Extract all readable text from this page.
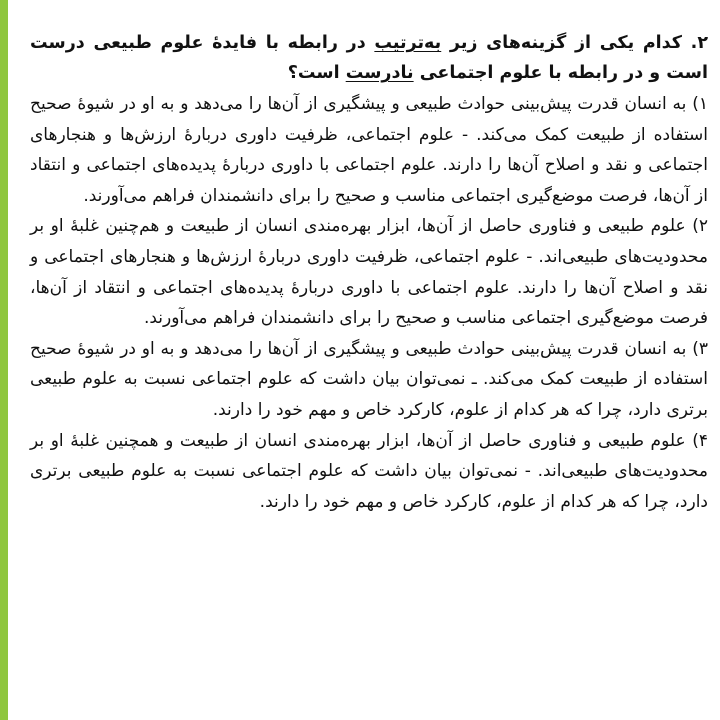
۲. کدام یکی از گزینه‌های زیر به‌ترتیب در رابطه با فایدهٔ علوم طبیعی درست است و در رابطه با علوم اجتماعی نادرست است؟

۱) به انسان قدرت پیش‌بینی حوادث طبیعی و پیشگیری از آن‌ها را می‌دهد و به او در شیوهٔ صحیح استفاده از طبیعت کمک می‌کند. - علوم اجتماعی، ظرفیت داوری دربارهٔ ارزش‌ها و هنجارهای اجتماعی و نقد و اصلاح آن‌ها را دارند. علوم اجتماعی با داوری دربارهٔ پدیده‌های اجتماعی و انتقاد از آن‌ها، فرصت موضع‌گیری اجتماعی مناسب و صحیح را برای دانشمندان فراهم می‌آورند.

۲) علوم طبیعی و فناوری حاصل از آن‌ها، ابزار بهره‌مندی انسان از طبیعت و هم‌چنین غلبهٔ او بر محدودیت‌های طبیعی‌اند. - علوم اجتماعی، ظرفیت داوری دربارهٔ ارزش‌ها و هنجارهای اجتماعی و نقد و اصلاح آن‌ها را دارند. علوم اجتماعی با داوری دربارهٔ پدیده‌های اجتماعی و انتقاد از آن‌ها، فرصت موضع‌گیری اجتماعی مناسب و صحیح را برای دانشمندان فراهم می‌آورند.

۳) به انسان قدرت پیش‌بینی حوادث طبیعی و پیشگیری از آن‌ها را می‌دهد و به او در شیوهٔ صحیح استفاده از طبیعت کمک می‌کند. ـ نمی‌توان بیان داشت که علوم اجتماعی نسبت به علوم طبیعی برتری دارد، چرا که هر کدام از علوم، کارکرد خاص و مهم خود را دارند.

۴) علوم طبیعی و فناوری حاصل از آن‌ها، ابزار بهره‌مندی انسان از طبیعت و همچنین غلبهٔ او بر محدودیت‌های طبیعی‌اند. - نمی‌توان بیان داشت که علوم اجتماعی نسبت به علوم طبیعی برتری دارد، چرا که هر کدام از علوم، کارکرد خاص و مهم خود را دارند.
